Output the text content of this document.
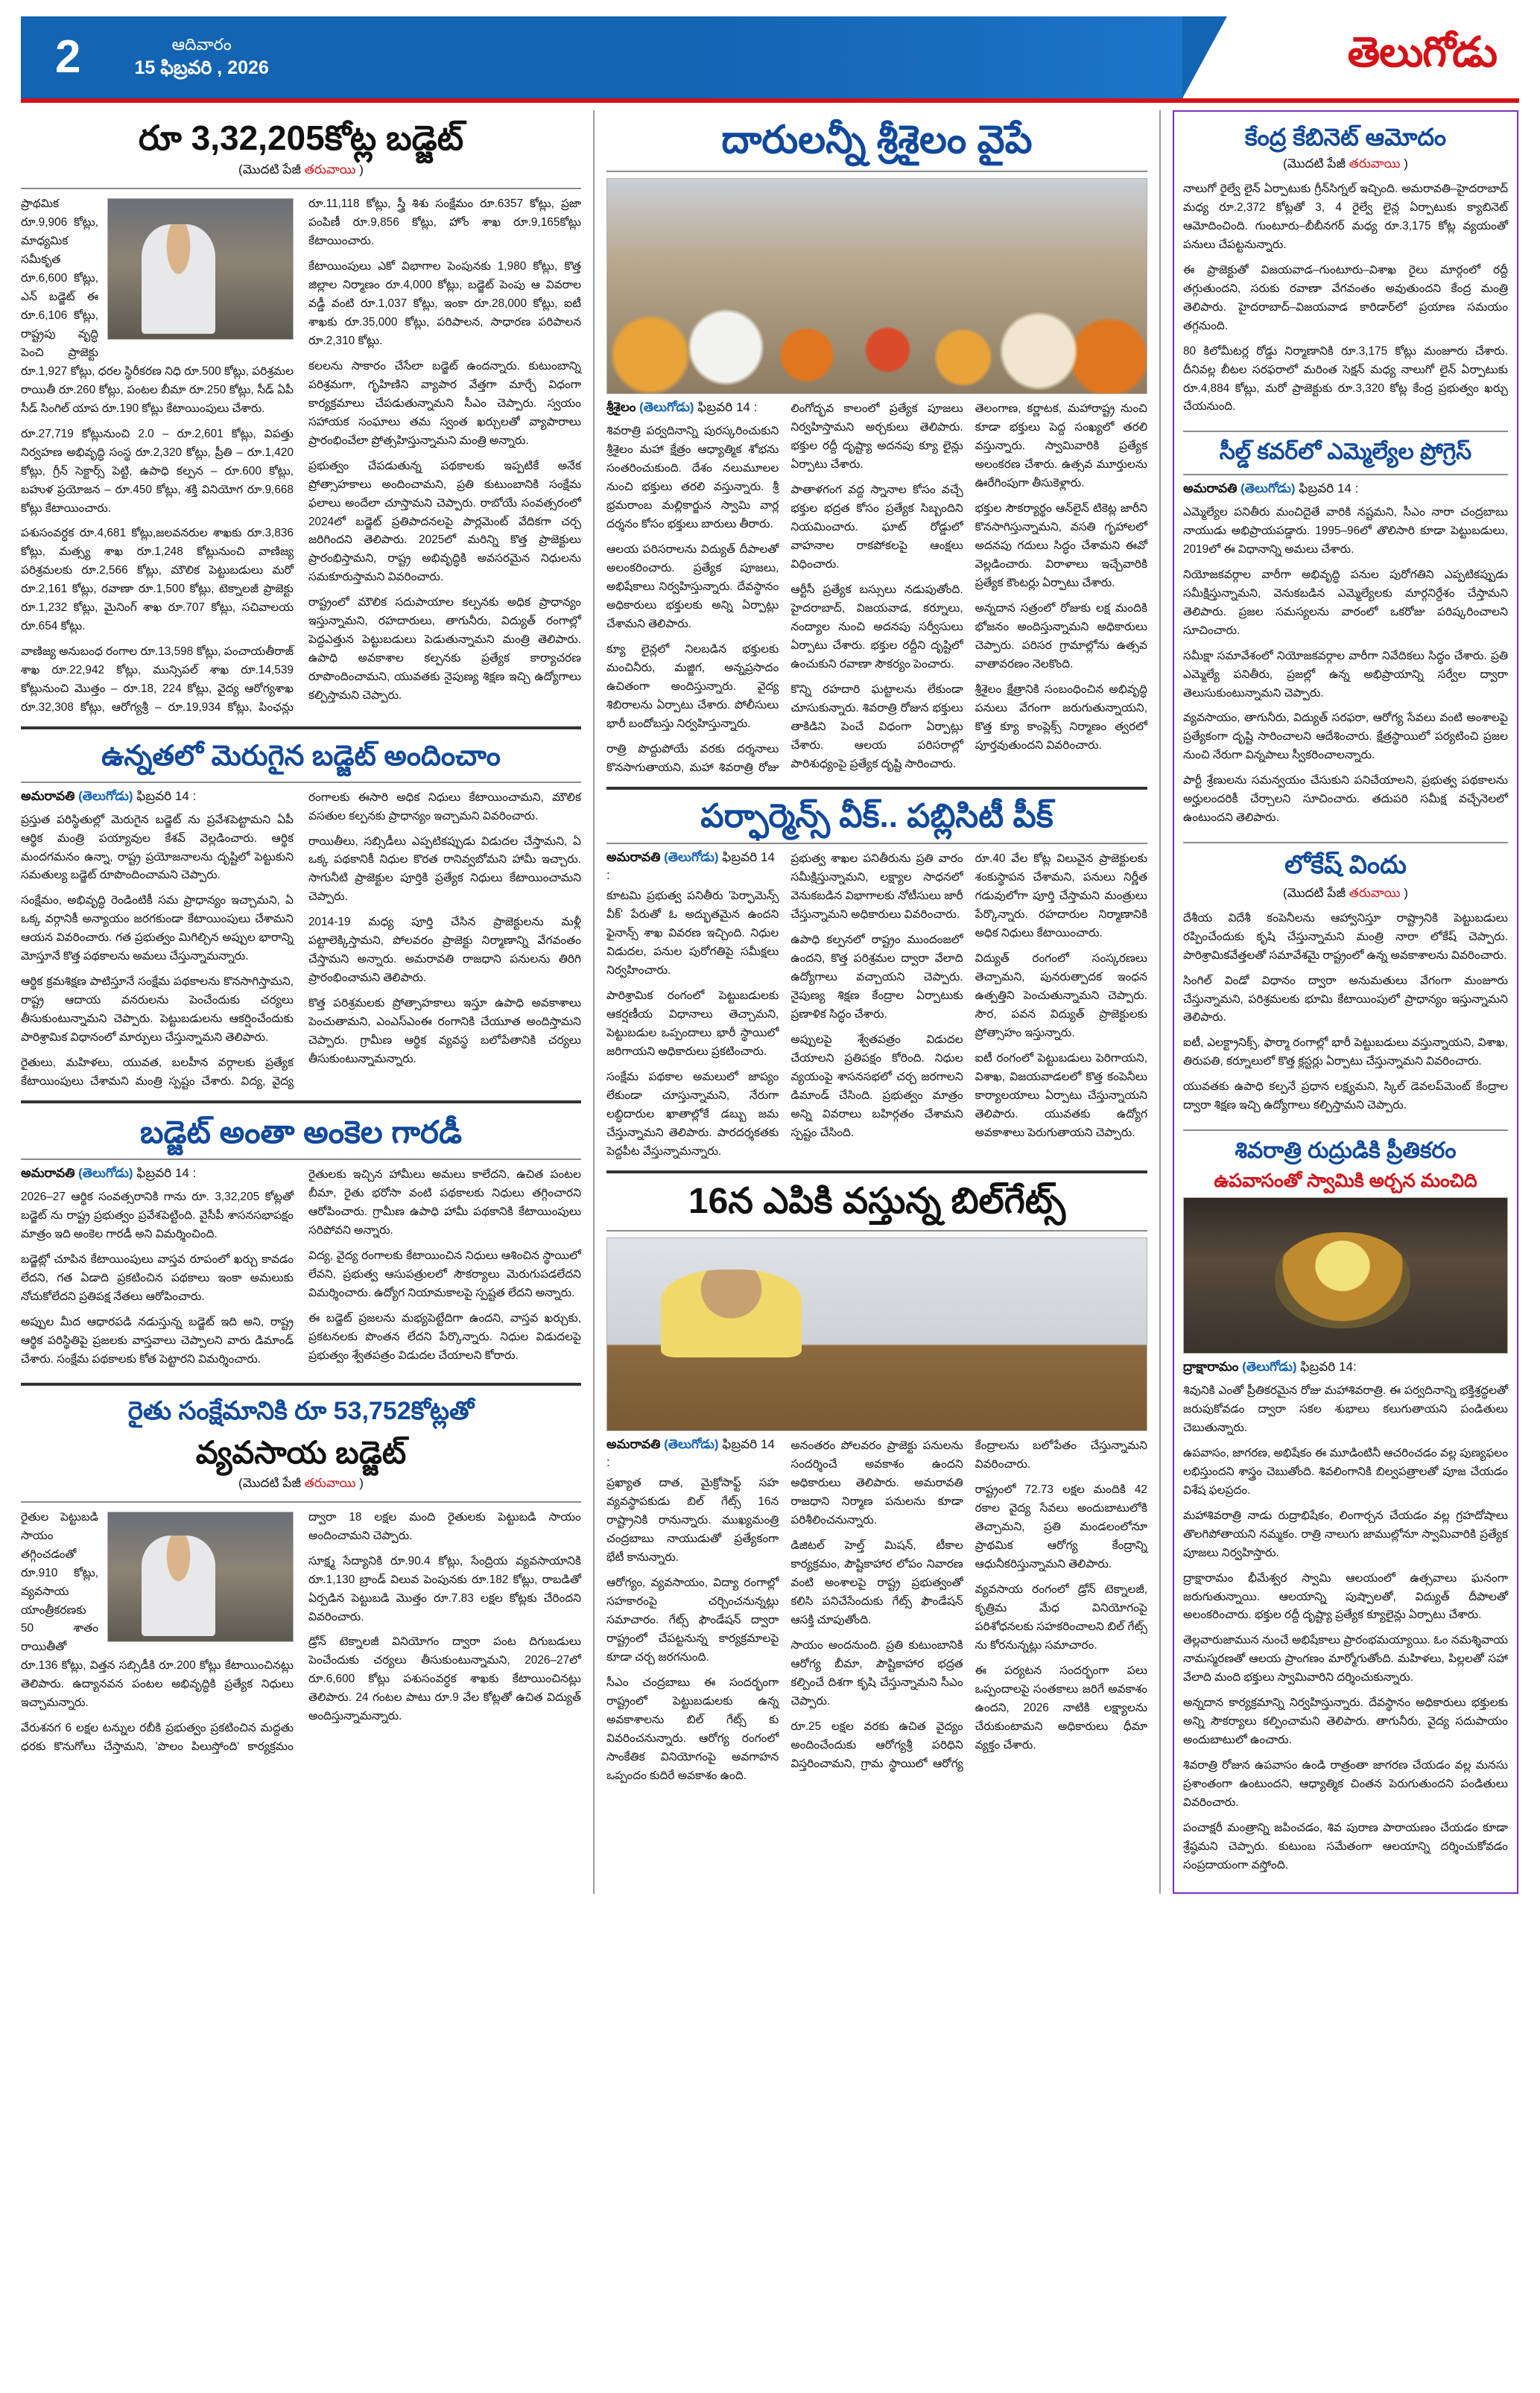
2	ఆదివారం
15 ఫిబ్రవరి , 2026	తెలుగోడు
రూ 3,32,205కోట్ల బడ్జెట్
(మొదటి పేజీ తరువాయి )

ప్రాథమిక రూ.9,906 కోట్లు, మాధ్యమిక సమీకృత రూ.6,600 కోట్లు, ఎన్ బడ్జెట్ ఈ రూ.6,106 కోట్లు, రాష్ట్రపు వృద్ధి పెంచి ప్రాజెక్టు రూ.1,927 కోట్లు, ధరల స్థిరీకరణ నిధి రూ.500 కోట్లు, పరిశ్రమల రాయితీ రూ.260 కోట్లు, పంటల బీమా రూ.250 కోట్లు, సీడ్ ఏపీ సీడ్ సింగిల్ యాప రూ.190 కోట్లు కేటాయింపులు చేశారు.

రూ.27,719 కోట్లునుంచి 2.0 – రూ.2,601 కోట్లు, విపత్తు నిర్వహణ అభివృద్ధి సంస్థ రూ.2,320 కోట్లు, ప్రీతి – రూ.1,420 కోట్లు, గ్రీన్ సెక్టార్స్ పెట్టి, ఉపాధి కల్పన – రూ.600 కోట్లు, బహుళ ప్రయోజన – రూ.450 కోట్లు, శక్తి వినియోగ రూ.9,668 కోట్లు కేటాయించారు.

పశుసంవర్ధక రూ.4,681 కోట్లు,జలవనరుల శాఖకు రూ.3,836 కోట్లు, మత్స్య శాఖ రూ.1,248 కోట్లునుంచి వాణిజ్య పరిశ్రమలకు రూ.2,566 కోట్లు, మౌలిక పెట్టుబడులు మరో రూ.2,161 కోట్లు, రవాణా రూ.1,500 కోట్లు, టెక్నాలజీ ప్రాజెక్టు రూ.1,232 కోట్లు, మైనింగ్ శాఖ రూ.707 కోట్లు, సచివాలయ రూ.654 కోట్లు.

వాణిజ్య అనుబంధ రంగాల రూ.13,598 కోట్లు, పంచాయతీరాజ్ శాఖ రూ.22,942 కోట్లు, మున్సిపల్ శాఖ రూ.14,539 కోట్లునుంచి మొత్తం – రూ.18, 224 కోట్లు, వైద్య ఆరోగ్యశాఖ రూ.32,308 కోట్లు, ఆరోగ్యశ్రీ – రూ.19,934 కోట్లు, పింఛన్లు రూ.11,118 కోట్లు, స్త్రీ శిశు సంక్షేమం రూ.6357 కోట్లు, ప్రజా పంపిణీ రూ.9,856 కోట్లు, హోం శాఖ రూ.9,165కోట్లు కేటాయించారు.

కేటాయింపులు ఎకో విభాగాల పెంపునకు 1,980 కోట్లు, కొత్త జిల్లాల నిర్మాణం రూ.4,000 కోట్లు, బడ్జెట్ పెంపు ఆ వివరాల వడ్డీ వంటి రూ.1,037 కోట్లు, ఇంకా రూ.28,000 కోట్లు, ఐటీ శాఖకు రూ.35,000 కోట్లు, పరిపాలన, సాధారణ పరిపాలన రూ.2,310 కోట్లు.

కలలను సాకారం చేసేలా బడ్జెట్ ఉందన్నారు. కుటుంబాన్ని పరిశ్రమగా, గృహిణిని వ్యాపార వేత్తగా మార్చే విధంగా కార్యక్రమాలు చేపడుతున్నామని సీఎం చెప్పారు. స్వయం సహాయక సంఘాలు తమ స్వంత ఖర్చులతో వ్యాపారాలు ప్రారంభించేలా ప్రోత్సహిస్తున్నామని మంత్రి అన్నారు.

ప్రభుత్వం చేపడుతున్న పథకాలకు ఇప్పటికే అనేక ప్రోత్సాహకాలు అందించామని, ప్రతి కుటుంబానికి సంక్షేమ ఫలాలు అందేలా చూస్తామని చెప్పారు. రాబోయే సంవత్సరంలో 2024లో బడ్జెట్ ప్రతిపాదనలపై పార్లమెంట్ వేదికగా చర్చ జరిగిందని తెలిపారు. 2025లో మరిన్ని కొత్త ప్రాజెక్టులు ప్రారంభిస్తామని, రాష్ట్ర అభివృద్ధికి అవసరమైన నిధులను సమకూరుస్తామని వివరించారు.

రాష్ట్రంలో మౌలిక సదుపాయాల కల్పనకు అధిక ప్రాధాన్యం ఇస్తున్నామని, రహదారులు, తాగునీరు, విద్యుత్ రంగాల్లో పెద్దఎత్తున పెట్టుబడులు పెడుతున్నామని మంత్రి తెలిపారు. ఉపాధి అవకాశాల కల్పనకు ప్రత్యేక కార్యాచరణ రూపొందించామని, యువతకు నైపుణ్య శిక్షణ ఇచ్చి ఉద్యోగాలు కల్పిస్తామని చెప్పారు.

ఉన్నతలో మెరుగైన బడ్జెట్ అందించాం
అమరావతి (తెలుగోడు) ఫిబ్రవరి 14 :

ప్రస్తుత పరిస్థితుల్లో మెరుగైన బడ్జెట్ ను ప్రవేశపెట్టామని ఏపీ ఆర్థిక మంత్రి పయ్యావుల కేశవ్ వెల్లడించారు. ఆర్థిక మందగమనం ఉన్నా, రాష్ట్ర ప్రయోజనాలను దృష్టిలో పెట్టుకుని సమతుల్య బడ్జెట్ రూపొందించామని చెప్పారు.

సంక్షేమం, అభివృద్ధి రెండింటికీ సమ ప్రాధాన్యం ఇచ్చామని, ఏ ఒక్క వర్గానికీ అన్యాయం జరగకుండా కేటాయింపులు చేశామని ఆయన వివరించారు. గత ప్రభుత్వం మిగిల్చిన అప్పుల భారాన్ని మోస్తూనే కొత్త పథకాలను అమలు చేస్తున్నామన్నారు.

ఆర్థిక క్రమశిక్షణ పాటిస్తూనే సంక్షేమ పథకాలను కొనసాగిస్తామని, రాష్ట్ర ఆదాయ వనరులను పెంచేందుకు చర్యలు తీసుకుంటున్నామని చెప్పారు. పెట్టుబడులను ఆకర్షించేందుకు పారిశ్రామిక విధానంలో మార్పులు చేస్తున్నామని తెలిపారు.

రైతులు, మహిళలు, యువత, బలహీన వర్గాలకు ప్రత్యేక కేటాయింపులు చేశామని మంత్రి స్పష్టం చేశారు. విద్య, వైద్య రంగాలకు ఈసారి అధిక నిధులు కేటాయించామని, మౌలిక వసతుల కల్పనకు ప్రాధాన్యం ఇచ్చామని వివరించారు.

రాయితీలు, సబ్సిడీలు ఎప్పటికప్పుడు విడుదల చేస్తామని, ఏ ఒక్క పథకానికీ నిధుల కొరత రానివ్వబోమని హామీ ఇచ్చారు. సాగునీటి ప్రాజెక్టుల పూర్తికి ప్రత్యేక నిధులు కేటాయించామని చెప్పారు.

2014-19 మధ్య పూర్తి చేసిన ప్రాజెక్టులను మళ్లీ పట్టాలెక్కిస్తామని, పోలవరం ప్రాజెక్టు నిర్మాణాన్ని వేగవంతం చేస్తామని అన్నారు. అమరావతి రాజధాని పనులను తిరిగి ప్రారంభించామని తెలిపారు.

కొత్త పరిశ్రమలకు ప్రోత్సాహకాలు ఇస్తూ ఉపాధి అవకాశాలు పెంచుతామని, ఎంఎస్ఎంఈ రంగానికి చేయూత అందిస్తామని చెప్పారు. గ్రామీణ ఆర్థిక వ్యవస్థ బలోపేతానికి చర్యలు తీసుకుంటున్నామన్నారు.

బడ్జెట్ అంతా అంకెల గారడీ
అమరావతి (తెలుగోడు) ఫిబ్రవరి 14 :

2026–27 ఆర్థిక సంవత్సరానికి గాను రూ. 3,32,205 కోట్లతో బడ్జెట్ ను రాష్ట్ర ప్రభుత్వం ప్రవేశపెట్టింది. వైసీపీ శాసనసభాపక్షం మాత్రం ఇది అంకెల గారడీ అని విమర్శించింది.

బడ్జెట్లో చూపిన కేటాయింపులు వాస్తవ రూపంలో ఖర్చు కావడం లేదని, గత ఏడాది ప్రకటించిన పథకాలు ఇంకా అమలుకు నోచుకోలేదని ప్రతిపక్ష నేతలు ఆరోపించారు.

అప్పుల మీద ఆధారపడి నడుస్తున్న బడ్జెట్ ఇది అని, రాష్ట్ర ఆర్థిక పరిస్థితిపై ప్రజలకు వాస్తవాలు చెప్పాలని వారు డిమాండ్ చేశారు. సంక్షేమ పథకాలకు కోత పెట్టారని విమర్శించారు.

రైతులకు ఇచ్చిన హామీలు అమలు కాలేదని, ఉచిత పంటల బీమా, రైతు భరోసా వంటి పథకాలకు నిధులు తగ్గించారని ఆరోపించారు. గ్రామీణ ఉపాధి హామీ పథకానికి కేటాయింపులు సరిపోవని అన్నారు.

విద్య, వైద్య రంగాలకు కేటాయించిన నిధులు ఆశించిన స్థాయిలో లేవని, ప్రభుత్వ ఆసుపత్రులలో సౌకర్యాలు మెరుగుపడలేదని విమర్శించారు. ఉద్యోగ నియామకాలపై స్పష్టత లేదని అన్నారు.

ఈ బడ్జెట్ ప్రజలను మభ్యపెట్టేదిగా ఉందని, వాస్తవ ఖర్చుకు, ప్రకటనలకు పొంతన లేదని పేర్కొన్నారు. నిధుల విడుదలపై ప్రభుత్వం శ్వేతపత్రం విడుదల చేయాలని కోరారు.

రైతు సంక్షేమానికి రూ 53,752కోట్లతో
వ్యవసాయ బడ్జెట్
(మొదటి పేజీ తరువాయి )

రైతుల పెట్టుబడి సాయం తగ్గించడంతో రూ.910 కోట్లు, వ్యవసాయ యాంత్రీకరణకు 50 శాతం రాయితీతో రూ.136 కోట్లు, విత్తన సబ్సిడీకి రూ.200 కోట్లు కేటాయించినట్లు తెలిపారు. ఉద్యానవన పంటల అభివృద్ధికి ప్రత్యేక నిధులు ఇచ్చామన్నారు.

వేరుశనగ 6 లక్షల టన్నుల రబీకి ప్రభుత్వం ప్రకటించిన మద్దతు ధరకు కొనుగోలు చేస్తామని, 'పొలం పిలుస్తోంది' కార్యక్రమం ద్వారా 18 లక్షల మంది రైతులకు పెట్టుబడి సాయం అందించామని చెప్పారు.

సూక్ష్మ సేద్యానికి రూ.90.4 కోట్లు, సేంద్రియ వ్యవసాయానికి రూ.1,130 బ్రాండ్ విలువ పెంపునకు రూ.182 కోట్లు, రాబడితో ఏర్పడిన పెట్టుబడి మొత్తం రూ.7.83 లక్షల కోట్లకు చేరిందని వివరించారు.

డ్రోన్ టెక్నాలజీ వినియోగం ద్వారా పంట దిగుబడులు పెంచేందుకు చర్యలు తీసుకుంటున్నామని, 2026–27లో రూ.6,600 కోట్లు పశుసంవర్ధక శాఖకు కేటాయించినట్లు తెలిపారు. 24 గంటల పాటు రూ.9 వేల కోట్లతో ఉచిత విద్యుత్ అందిస్తున్నామన్నారు.

దారులన్నీ శ్రీశైలం వైపే
శ్రీశైలం (తెలుగోడు) ఫిబ్రవరి 14 :

శివరాత్రి పర్వదినాన్ని పురస్కరించుకుని శ్రీశైలం మహా క్షేత్రం ఆధ్యాత్మిక శోభను సంతరించుకుంది. దేశం నలుమూలల నుంచి భక్తులు తరలి వస్తున్నారు. శ్రీ భ్రమరాంబ మల్లికార్జున స్వామి వార్ల దర్శనం కోసం భక్తులు బారులు తీరారు.

ఆలయ పరిసరాలను విద్యుత్ దీపాలతో అలంకరించారు. ప్రత్యేక పూజలు, అభిషేకాలు నిర్వహిస్తున్నారు. దేవస్థానం అధికారులు భక్తులకు అన్ని ఏర్పాట్లు చేశామని తెలిపారు.

క్యూ లైన్లలో నిలబడిన భక్తులకు మంచినీరు, మజ్జిగ, అన్నప్రసాదం ఉచితంగా అందిస్తున్నారు. వైద్య శిబిరాలను ఏర్పాటు చేశారు. పోలీసులు భారీ బందోబస్తు నిర్వహిస్తున్నారు.

రాత్రి పొద్దుపోయే వరకు దర్శనాలు కొనసాగుతాయని, మహా శివరాత్రి రోజు లింగోద్భవ కాలంలో ప్రత్యేక పూజలు నిర్వహిస్తామని అర్చకులు తెలిపారు. భక్తుల రద్దీ దృష్ట్యా అదనపు క్యూ లైన్లు ఏర్పాటు చేశారు.

పాతాళగంగ వద్ద స్నానాల కోసం వచ్చే భక్తుల భద్రత కోసం ప్రత్యేక సిబ్బందిని నియమించారు. ఘాట్ రోడ్డులో వాహనాల రాకపోకలపై ఆంక్షలు విధించారు.

ఆర్టీసీ ప్రత్యేక బస్సులు నడుపుతోంది. హైదరాబాద్, విజయవాడ, కర్నూలు, నంద్యాల నుంచి అదనపు సర్వీసులు ఏర్పాటు చేశారు. భక్తుల రద్దీని దృష్టిలో ఉంచుకుని రవాణా సౌకర్యం పెంచారు.

కొన్ని రహదారి ఘట్టాలను లేకుండా చూసుకున్నారు. శివరాత్రి రోజున భక్తులు తాకిడిని పెంచే విధంగా ఏర్పాట్లు చేశారు. ఆలయ పరిసరాల్లో పారిశుధ్యంపై ప్రత్యేక దృష్టి సారించారు.

తెలంగాణ, కర్ణాటక, మహారాష్ట్ర నుంచి కూడా భక్తులు పెద్ద సంఖ్యలో తరలి వస్తున్నారు. స్వామివారికి ప్రత్యేక అలంకరణ చేశారు. ఉత్సవ మూర్తులను ఊరేగింపుగా తీసుకెళ్లారు.

భక్తుల సౌకర్యార్థం ఆన్‌లైన్ టికెట్ల జారీని కొనసాగిస్తున్నామని, వసతి గృహాలలో అదనపు గదులు సిద్ధం చేశామని ఈవో వెల్లడించారు. విరాళాలు ఇచ్చేవారికి ప్రత్యేక కౌంటర్లు ఏర్పాటు చేశారు.

అన్నదాన సత్రంలో రోజుకు లక్ష మందికి భోజనం అందిస్తున్నామని అధికారులు చెప్పారు. పరిసర గ్రామాల్లోను ఉత్సవ వాతావరణం నెలకొంది.

శ్రీశైలం క్షేత్రానికి సంబంధించిన అభివృద్ధి పనులు వేగంగా జరుగుతున్నాయని, కొత్త క్యూ కాంప్లెక్స్ నిర్మాణం త్వరలో పూర్తవుతుందని వివరించారు.

పర్ఫార్మెన్స్ వీక్.. పబ్లిసిటీ పీక్
అమరావతి (తెలుగోడు) ఫిబ్రవరి 14 :

కూటమి ప్రభుత్వ పనితీరు 'పెర్ఫామెన్స్ వీక్' పేరుతో ఓ అద్భుతమైన ఉందని ఫైనాన్స్ శాఖ వివరణ ఇచ్చింది. నిధుల విడుదల, పనుల పురోగతిపై సమీక్షలు నిర్వహించారు.

పారిశ్రామిక రంగంలో పెట్టుబడులకు ఆకర్షణీయ విధానాలు తెచ్చామని, పెట్టుబడుల ఒప్పందాలు భారీ స్థాయిలో జరిగాయని అధికారులు ప్రకటించారు.

సంక్షేమ పథకాల అమలులో జాప్యం లేకుండా చూస్తున్నామని, నేరుగా లబ్ధిదారుల ఖాతాల్లోకే డబ్బు జమ చేస్తున్నామని తెలిపారు. పారదర్శకతకు పెద్దపీట వేస్తున్నామన్నారు.

ప్రభుత్వ శాఖల పనితీరును ప్రతి వారం సమీక్షిస్తున్నామని, లక్ష్యాల సాధనలో వెనుకబడిన విభాగాలకు నోటీసులు జారీ చేస్తున్నామని అధికారులు వివరించారు.

ఉపాధి కల్పనలో రాష్ట్రం ముందంజలో ఉందని, కొత్త పరిశ్రమల ద్వారా వేలాది ఉద్యోగాలు వచ్చాయని చెప్పారు. నైపుణ్య శిక్షణ కేంద్రాల ఏర్పాటుకు ప్రణాళిక సిద్ధం చేశారు.

అప్పులపై శ్వేతపత్రం విడుదల చేయాలని ప్రతిపక్షం కోరింది. నిధుల వ్యయంపై శాసనసభలో చర్చ జరగాలని డిమాండ్ చేసింది. ప్రభుత్వం మాత్రం అన్ని వివరాలు బహిర్గతం చేశామని స్పష్టం చేసింది.

రూ.40 వేల కోట్ల విలువైన ప్రాజెక్టులకు శంకుస్థాపన చేశామని, పనులు నిర్ణీత గడువులోగా పూర్తి చేస్తామని మంత్రులు పేర్కొన్నారు. రహదారుల నిర్మాణానికి అధిక నిధులు కేటాయించారు.

విద్యుత్ రంగంలో సంస్కరణలు తెచ్చామని, పునరుత్పాదక ఇంధన ఉత్పత్తిని పెంచుతున్నామని చెప్పారు. సౌర, పవన విద్యుత్ ప్రాజెక్టులకు ప్రోత్సాహం ఇస్తున్నారు.

ఐటీ రంగంలో పెట్టుబడులు పెరిగాయని, విశాఖ, విజయవాడలలో కొత్త కంపెనీలు కార్యాలయాలు ఏర్పాటు చేస్తున్నాయని తెలిపారు. యువతకు ఉద్యోగ అవకాశాలు పెరుగుతాయని చెప్పారు.

16న ఎపికి వస్తున్న బిల్‌గేట్స్
అమరావతి (తెలుగోడు) ఫిబ్రవరి 14 :

ప్రఖ్యాత దాత, మైక్రోసాఫ్ట్ సహ వ్యవస్థాపకుడు బిల్ గేట్స్ 16న రాష్ట్రానికి రానున్నారు. ముఖ్యమంత్రి చంద్రబాబు నాయుడుతో ప్రత్యేకంగా భేటీ కానున్నారు.

ఆరోగ్యం, వ్యవసాయం, విద్యా రంగాల్లో సహకారంపై చర్చించనున్నట్లు సమాచారం. గేట్స్ ఫౌండేషన్ ద్వారా రాష్ట్రంలో చేపట్టనున్న కార్యక్రమాలపై కూడా చర్చ జరగనుంది.

సీఎం చంద్రబాబు ఈ సందర్భంగా రాష్ట్రంలో పెట్టుబడులకు ఉన్న అవకాశాలను బిల్ గేట్స్ కు వివరించనున్నారు. ఆరోగ్య రంగంలో సాంకేతిక వినియోగంపై అవగాహన ఒప్పందం కుదిరే అవకాశం ఉంది.

అనంతరం పోలవరం ప్రాజెక్టు పనులను సందర్శించే అవకాశం ఉందని అధికారులు తెలిపారు. అమరావతి రాజధాని నిర్మాణ పనులను కూడా పరిశీలించనున్నారు.

డిజిటల్ హెల్త్ మిషన్, టీకాల కార్యక్రమం, పౌష్టికాహార లోపం నివారణ వంటి అంశాలపై రాష్ట్ర ప్రభుత్వంతో కలిసి పనిచేసేందుకు గేట్స్ ఫౌండేషన్ ఆసక్తి చూపుతోంది.

సాయం అందనుంది. ప్రతి కుటుంబానికి ఆరోగ్య బీమా, పౌష్టికాహార భద్రత కల్పించే దిశగా కృషి చేస్తున్నామని సీఎం చెప్పారు.

రూ.25 లక్షల వరకు ఉచిత వైద్యం అందించేందుకు ఆరోగ్యశ్రీ పరిధిని విస్తరించామని, గ్రామ స్థాయిలో ఆరోగ్య కేంద్రాలను బలోపేతం చేస్తున్నామని వివరించారు.

రాష్ట్రంలో 72.73 లక్షల మందికి 42 రకాల వైద్య సేవలు అందుబాటులోకి తెచ్చామని, ప్రతి మండలంలోనూ ప్రాథమిక ఆరోగ్య కేంద్రాన్ని ఆధునీకరిస్తున్నామని తెలిపారు.

వ్యవసాయ రంగంలో డ్రోన్ టెక్నాలజీ, కృత్రిమ మేధ వినియోగంపై పరిశోధనలకు సహకరించాలని బిల్ గేట్స్ ను కోరనున్నట్లు సమాచారం.

ఈ పర్యటన సందర్భంగా పలు ఒప్పందాలపై సంతకాలు జరిగే అవకాశం ఉందని, 2026 నాటికి లక్ష్యాలను చేరుకుంటామని అధికారులు ధీమా వ్యక్తం చేశారు.

కేంద్ర కేబినెట్ ఆమోదం
(మొదటి పేజీ తరువాయి )

నాలుగో రైల్వే లైన్ ఏర్పాటుకు గ్రీన్‌సిగ్నల్ ఇచ్చింది. అమరావతి–హైదరాబాద్ మధ్య రూ.2,372 కోట్లతో 3, 4 రైల్వే లైన్ల ఏర్పాటుకు క్యాబినెట్ ఆమోదించింది. గుంటూరు–బీబీనగర్ మధ్య రూ.3,175 కోట్ల వ్యయంతో పనులు చేపట్టనున్నారు.

ఈ ప్రాజెక్టుతో విజయవాడ–గుంటూరు–విశాఖ రైలు మార్గంలో రద్దీ తగ్గుతుందని, సరుకు రవాణా వేగవంతం అవుతుందని కేంద్ర మంత్రి తెలిపారు. హైదరాబాద్–విజయవాడ కారిడార్‌లో ప్రయాణ సమయం తగ్గనుంది.

80 కిలోమీటర్ల రోడ్డు నిర్మాణానికి రూ.3,175 కోట్లు మంజూరు చేశారు. దీనివల్ల బీటల సరఫరాలో మరింత సెక్షన్ మధ్య నాలుగో లైన్ ఏర్పాటుకు రూ.4,884 కోట్లు, మరో ప్రాజెక్టుకు రూ.3,320 కోట్ల కేంద్ర ప్రభుత్వం ఖర్చు చేయనుంది.

సీల్డ్ కవర్‌లో ఎమ్మెల్యేల ప్రోగ్రెస్
అమరావతి (తెలుగోడు) ఫిబ్రవరి 14 :

ఎమ్మెల్యేల పనితీరు మంచిదైతే వారికి నష్టమని, సీఎం నారా చంద్రబాబు నాయుడు అభిప్రాయపడ్డారు. 1995–96లో తొలిసారి కూడా పెట్టుబడులు, 2019లో ఈ విధానాన్ని అమలు చేశారు.

నియోజకవర్గాల వారీగా అభివృద్ధి పనుల పురోగతిని ఎప్పటికప్పుడు సమీక్షిస్తున్నామని, వెనుకబడిన ఎమ్మెల్యేలకు మార్గనిర్దేశం చేస్తామని తెలిపారు. ప్రజల సమస్యలను వారంలో ఒకరోజు పరిష్కరించాలని సూచించారు.

సమీక్షా సమావేశంలో నియోజకవర్గాల వారీగా నివేదికలు సిద్ధం చేశారు. ప్రతి ఎమ్మెల్యే పనితీరు, ప్రజల్లో ఉన్న అభిప్రాయాన్ని సర్వేల ద్వారా తెలుసుకుంటున్నామని చెప్పారు.

వ్యవసాయం, తాగునీరు, విద్యుత్ సరఫరా, ఆరోగ్య సేవలు వంటి అంశాలపై ప్రత్యేకంగా దృష్టి సారించాలని ఆదేశించారు. క్షేత్రస్థాయిలో పర్యటించి ప్రజల నుంచి నేరుగా విన్నపాలు స్వీకరించాలన్నారు.

పార్టీ శ్రేణులను సమన్వయం చేసుకుని పనిచేయాలని, ప్రభుత్వ పథకాలను అర్హులందరికీ చేర్చాలని సూచించారు. తదుపరి సమీక్ష వచ్చేనెలలో ఉంటుందని తెలిపారు.

లోకేష్ విందు
(మొదటి పేజీ తరువాయి )

దేశీయ విదేశీ కంపెనీలను ఆహ్వానిస్తూ రాష్ట్రానికి పెట్టుబడులు రప్పించేందుకు కృషి చేస్తున్నామని మంత్రి నారా లోకేష్ చెప్పారు. పారిశ్రామికవేత్తలతో సమావేశమై రాష్ట్రంలో ఉన్న అవకాశాలను వివరించారు.

సింగిల్ విండో విధానం ద్వారా అనుమతులు వేగంగా మంజూరు చేస్తున్నామని, పరిశ్రమలకు భూమి కేటాయింపులో ప్రాధాన్యం ఇస్తున్నామని తెలిపారు.

ఐటీ, ఎలక్ట్రానిక్స్, ఫార్మా రంగాల్లో భారీ పెట్టుబడులు వస్తున్నాయని, విశాఖ, తిరుపతి, కర్నూలులో కొత్త క్లస్టర్లు ఏర్పాటు చేస్తున్నామని వివరించారు.

యువతకు ఉపాధి కల్పనే ప్రధాన లక్ష్యమని, స్కిల్ డెవలప్‌మెంట్ కేంద్రాల ద్వారా శిక్షణ ఇచ్చి ఉద్యోగాలు కల్పిస్తామని చెప్పారు.

శివరాత్రి రుద్రుడికి ప్రీతికరం
ఉపవాసంతో స్వామికి అర్చన మంచిది
ద్రాక్షారామం (తెలుగోడు) ఫిబ్రవరి 14:

శివునికి ఎంతో ప్రీతికరమైన రోజు మహాశివరాత్రి. ఈ పర్వదినాన్ని భక్తిశ్రద్ధలతో జరుపుకోవడం ద్వారా సకల శుభాలు కలుగుతాయని పండితులు చెబుతున్నారు.

ఉపవాసం, జాగరణ, అభిషేకం ఈ మూడింటినీ ఆచరించడం వల్ల పుణ్యఫలం లభిస్తుందని శాస్త్రం చెబుతోంది. శివలింగానికి బిల్వపత్రాలతో పూజ చేయడం విశేష ఫలప్రదం.

మహాశివరాత్రి నాడు రుద్రాభిషేకం, లింగార్చన చేయడం వల్ల గ్రహదోషాలు తొలగిపోతాయని నమ్మకం. రాత్రి నాలుగు జాముల్లోనూ స్వామివారికి ప్రత్యేక పూజలు నిర్వహిస్తారు.

ద్రాక్షారామం భీమేశ్వర స్వామి ఆలయంలో ఉత్సవాలు ఘనంగా జరుగుతున్నాయి. ఆలయాన్ని పుష్పాలతో, విద్యుత్ దీపాలతో అలంకరించారు. భక్తుల రద్దీ దృష్ట్యా ప్రత్యేక క్యూలైన్లు ఏర్పాటు చేశారు.

తెల్లవారుజామున నుంచే అభిషేకాలు ప్రారంభమయ్యాయి. ఓం నమశ్శివాయ నామస్మరణతో ఆలయ ప్రాంగణం మార్మోగుతోంది. మహిళలు, పిల్లలతో సహా వేలాది మంది భక్తులు స్వామివారిని దర్శించుకున్నారు.

అన్నదాన కార్యక్రమాన్ని నిర్వహిస్తున్నారు. దేవస్థానం అధికారులు భక్తులకు అన్ని సౌకర్యాలు కల్పించామని తెలిపారు. తాగునీరు, వైద్య సదుపాయం అందుబాటులో ఉంచారు.

శివరాత్రి రోజున ఉపవాసం ఉండి రాత్రంతా జాగరణ చేయడం వల్ల మనసు ప్రశాంతంగా ఉంటుందని, ఆధ్యాత్మిక చింతన పెరుగుతుందని పండితులు వివరించారు.

పంచాక్షరీ మంత్రాన్ని జపించడం, శివ పురాణ పారాయణం చేయడం కూడా శ్రేష్ఠమని చెప్పారు. కుటుంబ సమేతంగా ఆలయాన్ని దర్శించుకోవడం సంప్రదాయంగా వస్తోంది.
